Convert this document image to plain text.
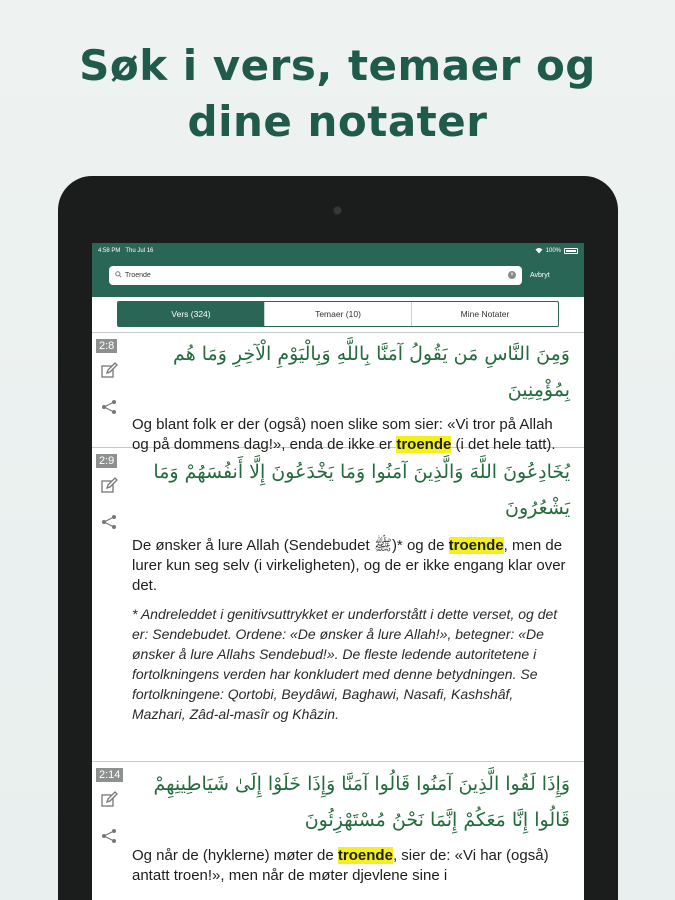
Søk i vers, temaer og
dine notater
4:58 PM Thu Jul 16	100%
Troende
×	Avbryt
Vers (324)	Temaer (10)	Mine Notater
2:8	وَمِنَ النَّاسِ مَن يَقُولُ آمَنَّا بِاللَّهِ وَبِالْيَوْمِ الْآخِرِ وَمَا هُم بِمُؤْمِنِينَ
Og blant folk er der (også) noen slike som sier: «Vi tror på Allah og på dommens dag!», enda de ikke er troende (i det hele tatt).
2:9	يُخَادِعُونَ اللَّهَ وَالَّذِينَ آمَنُوا وَمَا يَخْدَعُونَ إِلَّا أَنفُسَهُمْ وَمَا يَشْعُرُونَ
De ønsker å lure Allah (Sendebudet ﷺ)* og de troende, men de lurer kun seg selv (i virkeligheten), og de er ikke engang klar over det.
* Andreleddet i genitivsuttrykket er underforstått i dette verset, og det er: Sendebudet. Ordene: «De ønsker å lure Allah!», betegner: «De ønsker å lure Allahs Sendebud!». De fleste ledende autoritetene i fortolkningens verden har konkludert med denne betydningen. Se fortolkningene: Qortobi, Beydâwi, Baghawi, Nasafi, Kashshâf, Mazhari, Zâd-al-masîr og Khâzin.
2:14	وَإِذَا لَقُوا الَّذِينَ آمَنُوا قَالُوا آمَنَّا وَإِذَا خَلَوْا إِلَىٰ شَيَاطِينِهِمْ قَالُوا إِنَّا مَعَكُمْ إِنَّمَا نَحْنُ مُسْتَهْزِئُونَ
Og når de (hyklerne) møter de troende, sier de: «Vi har (også) antatt troen!», men når de møter djevlene sine i
